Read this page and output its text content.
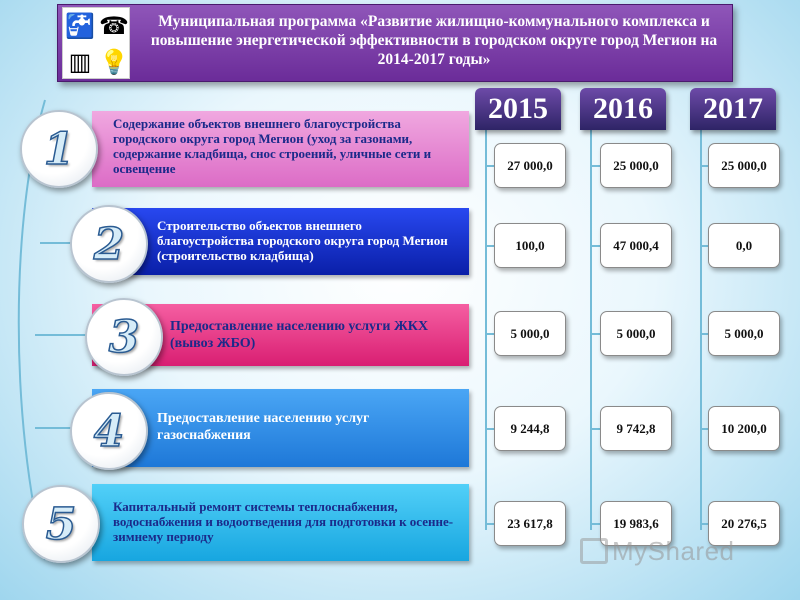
🚰 ☎
▥ 💡
Муниципальная программа «Развитие жилищно-коммунального комплекса и повышение энергетической эффективности в городском округе город Мегион на 2014-2017 годы»
Содержание объектов внешнего благоустройства городского округа город Мегион (уход за газонами, содержание кладбища, снос строений, уличные сети и освещение
Строительство объектов внешнего благоустройства городского округа город Мегион (строительство кладбища)
Предоставление населению услуги ЖКХ (вывоз ЖБО)
Предоставление населению услуг газоснабжения
Капитальный ремонт системы теплоснабжения, водоснабжения и водоотведения для подготовки к осенне-зимнему периоду
1
2
3
4
5
2015 2016 2017
27 000,0
100,0
5 000,0
9 244,8
23 617,8
25 000,0
47 000,4
5 000,0
9 742,8
19 983,6
25 000,0
0,0
5 000,0
10 200,0
20 276,5
MyShared
